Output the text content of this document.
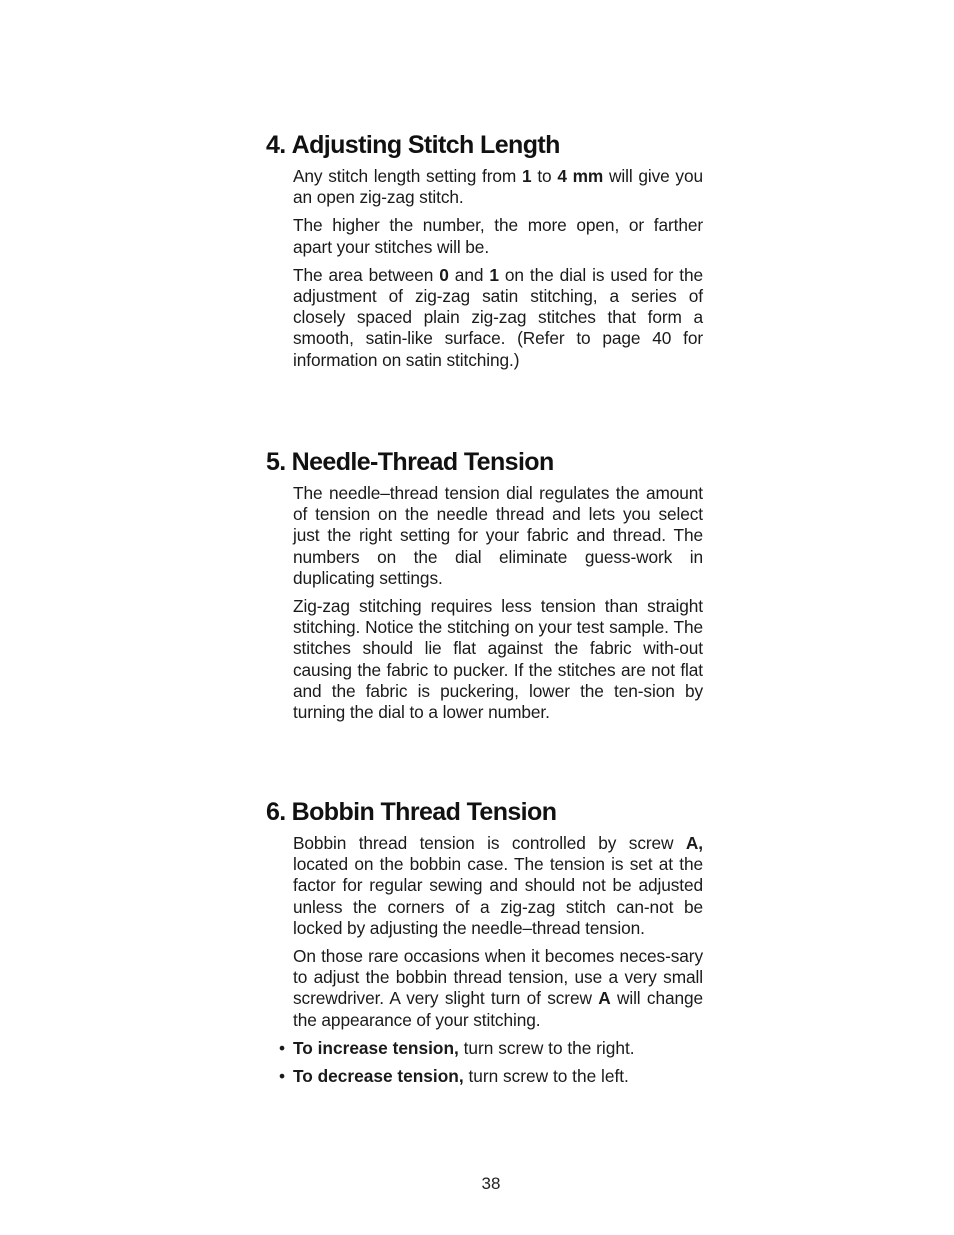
4. Adjusting Stitch Length

Any stitch length setting from 1 to 4 mm will give you an open zig-zag stitch.

The higher the number, the more open, or farther apart your stitches will be.

The area between 0 and 1 on the dial is used for the adjustment of zig-zag satin stitching, a series of closely spaced plain zig-zag stitches that form a smooth, satin-like surface. (Refer to page 40 for information on satin stitching.)

5. Needle-Thread Tension

The needle–thread tension dial regulates the amount of tension on the needle thread and lets you select just the right setting for your fabric and thread. The numbers on the dial eliminate guess-work in duplicating settings.

Zig-zag stitching requires less tension than straight stitching. Notice the stitching on your test sample. The stitches should lie flat against the fabric with-out causing the fabric to pucker. If the stitches are not flat and the fabric is puckering, lower the ten-sion by turning the dial to a lower number.

6. Bobbin Thread Tension

Bobbin thread tension is controlled by screw A, located on the bobbin case. The tension is set at the factor for regular sewing and should not be adjusted unless the corners of a zig-zag stitch can-not be locked by adjusting the needle–thread tension.

On those rare occasions when it becomes neces-sary to adjust the bobbin thread tension, use a very small screwdriver. A very slight turn of screw A will change the appearance of your stitching.

• To increase tension, turn screw to the right.
• To decrease tension, turn screw to the left.
38
